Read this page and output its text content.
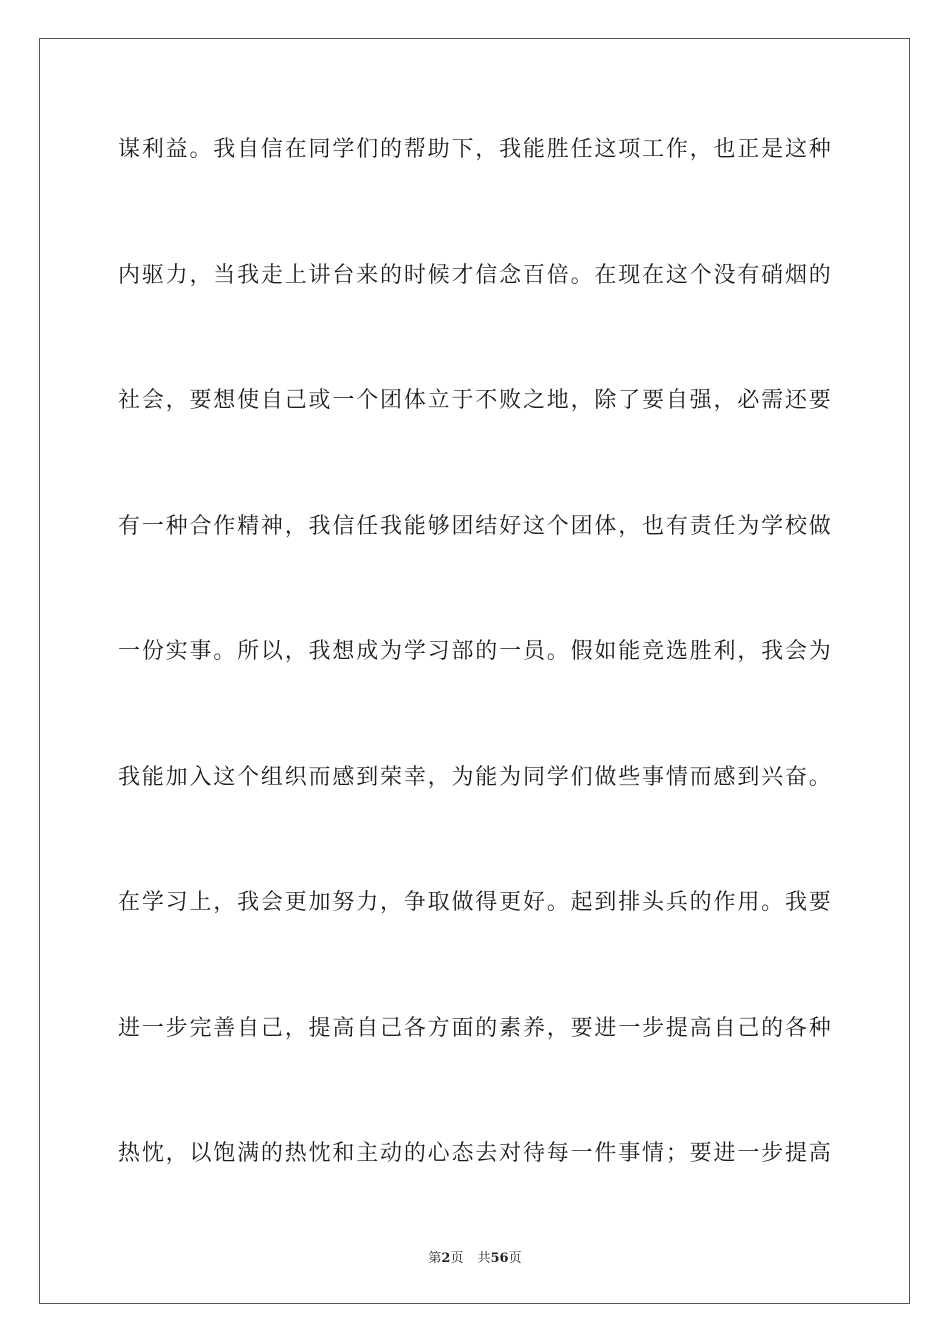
谋利益。我自信在同学们的帮助下，我能胜任这项工作，也正是这种
内驱力，当我走上讲台来的时候才信念百倍。在现在这个没有硝烟的
社会，要想使自己或一个团体立于不败之地，除了要自强，必需还要
有一种合作精神，我信任我能够团结好这个团体，也有责任为学校做
一份实事。所以，我想成为学习部的一员。假如能竞选胜利，我会为
我能加入这个组织而感到荣幸，为能为同学们做些事情而感到兴奋。
在学习上，我会更加努力，争取做得更好。起到排头兵的作用。我要
进一步完善自己，提高自己各方面的素养，要进一步提高自己的各种
热忱，以饱满的热忱和主动的心态去对待每一件事情；要进一步提高
第2页 共56页
